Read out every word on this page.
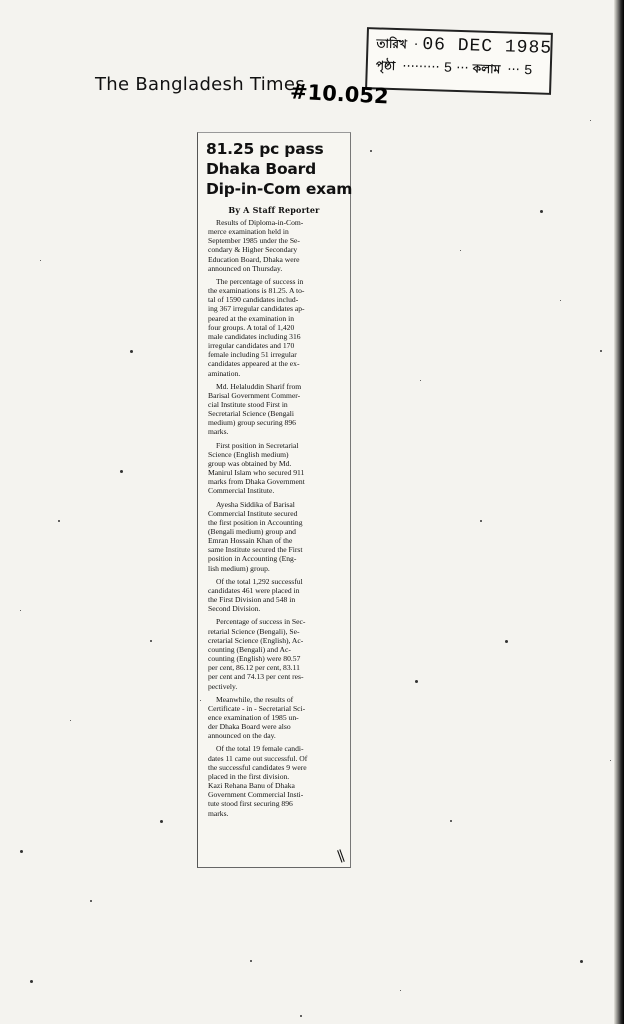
তারিখ · 06 DEC 1985
পৃষ্ঠা ········· 5 ··· কলাম ··· 5
The Bangladesh Times
#10.052
81.25 pc pass
Dhaka Board
Dip-in-Com exam
By A Staff Reporter
Results of Diploma-in-Com-
merce examination held in
September 1985 under the Se-
condary & Higher Secondary
Education Board, Dhaka were
announced on Thursday.
The percentage of success in
the examinations is 81.25. A to-
tal of 1590 candidates includ-
ing 367 irregular candidates ap-
peared at the examination in
four groups. A total of 1,420
male candidates including 316
irregular candidates and 170
female including 51 irregular
candidates appeared at the ex-
amination.
Md. Helaluddin Sharif from
Barisal Government Commer-
cial Institute stood First in
Secretarial Science (Bengali
medium) group securing 896
marks.
First position in Secretarial
Science (English medium)
group was obtained by Md.
Manirul Islam who secured 911
marks from Dhaka Government
Commercial Institute.
Ayesha Siddika of Barisal
Commercial Institute secured
the first position in Accounting
(Bengali medium) group and
Emran Hossain Khan of the
same Institute secured the First
position in Accounting (Eng-
lish medium) group.
Of the total 1,292 successful
candidates 461 were placed in
the First Division and 548 in
Second Division.
Percentage of success in Sec-
retarial Science (Bengali), Se-
cretarial Science (English), Ac-
counting (Bengali) and Ac-
counting (English) were 80.57
per cent, 86.12 per cent, 83.11
per cent and 74.13 per cent res-
pectively.
Meanwhile, the results of
Certificate - in - Secretarial Sci-
ence examination of 1985 un-
der Dhaka Board were also
announced on the day.
Of the total 19 female candi-
dates 11 came out successful. Of
the successful candidates 9 were
placed in the first division.
Kazi Rehana Banu of Dhaka
Government Commercial Insti-
tute stood first securing 896
marks.
∥
